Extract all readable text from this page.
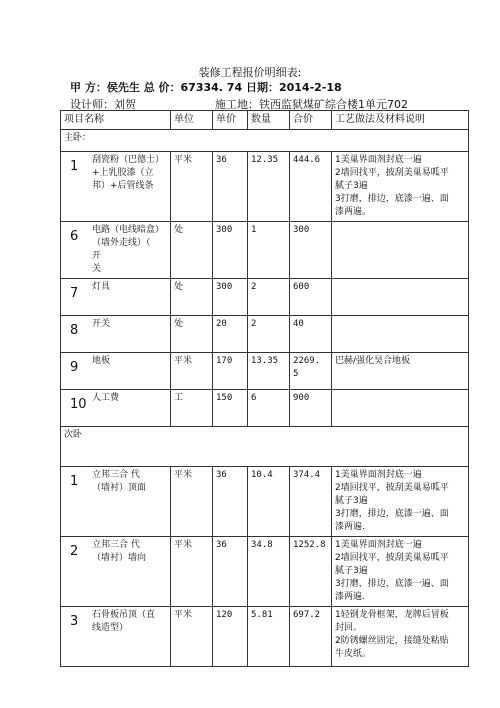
装修工程报价明细表:
甲 方：侯先生 总 价：67334. 74 日期：2014-2-18
设计师：刘贺	施工地：铁西监狱煤矿综合楼1单元702
项目名称	单位	单价	数量	合价	工艺做法及材料说明
主卧：					

1 刮瓷粉（巴德士）
+上乳胶漆（立
邦）+后管线条	平米	36	12.35	444.6	1美巢界面剂封底一遍
2墙回找平，披刮美巢易呱平
腻子3遍
3打磨，排边，底漆一遍、面
漆两遍。

6 电路（电线暗盒）
（墙外走线）（
开
关	处	300	1	300	

7 灯具	处	300	2	600	

8 开关	处	20	2	40	

9 地板	平米	170	13.35	2269. 5	巴赫/强化昊合地板

10 人工费	工	150	6	900	
次卧					

1 立邦三合 代
（墙衬）顶面	平米	36	10.4	374.4	1美巢界面剂封底一遍
2墙回找平，披刮美巢易呱平
腻子3遍
3打磨，排边，底漆一遍、面
漆两遍.

2 立邦三合 代
（墙衬）墙向	平米	36	34.8	1252.8	1美巢界面剂封底一遍
2墙回找平，披刮美巢易呱平
腻子3遍
3打磨，排边，底漆一遍、面
漆两遍.

3 石骨板吊顶（直
线造型）	平米	120	5.81	697.2	1轻钢龙骨框架，龙牌后冒板
封回。
2防锈螺丝固定，接缝处粘贴
牛皮纸。
